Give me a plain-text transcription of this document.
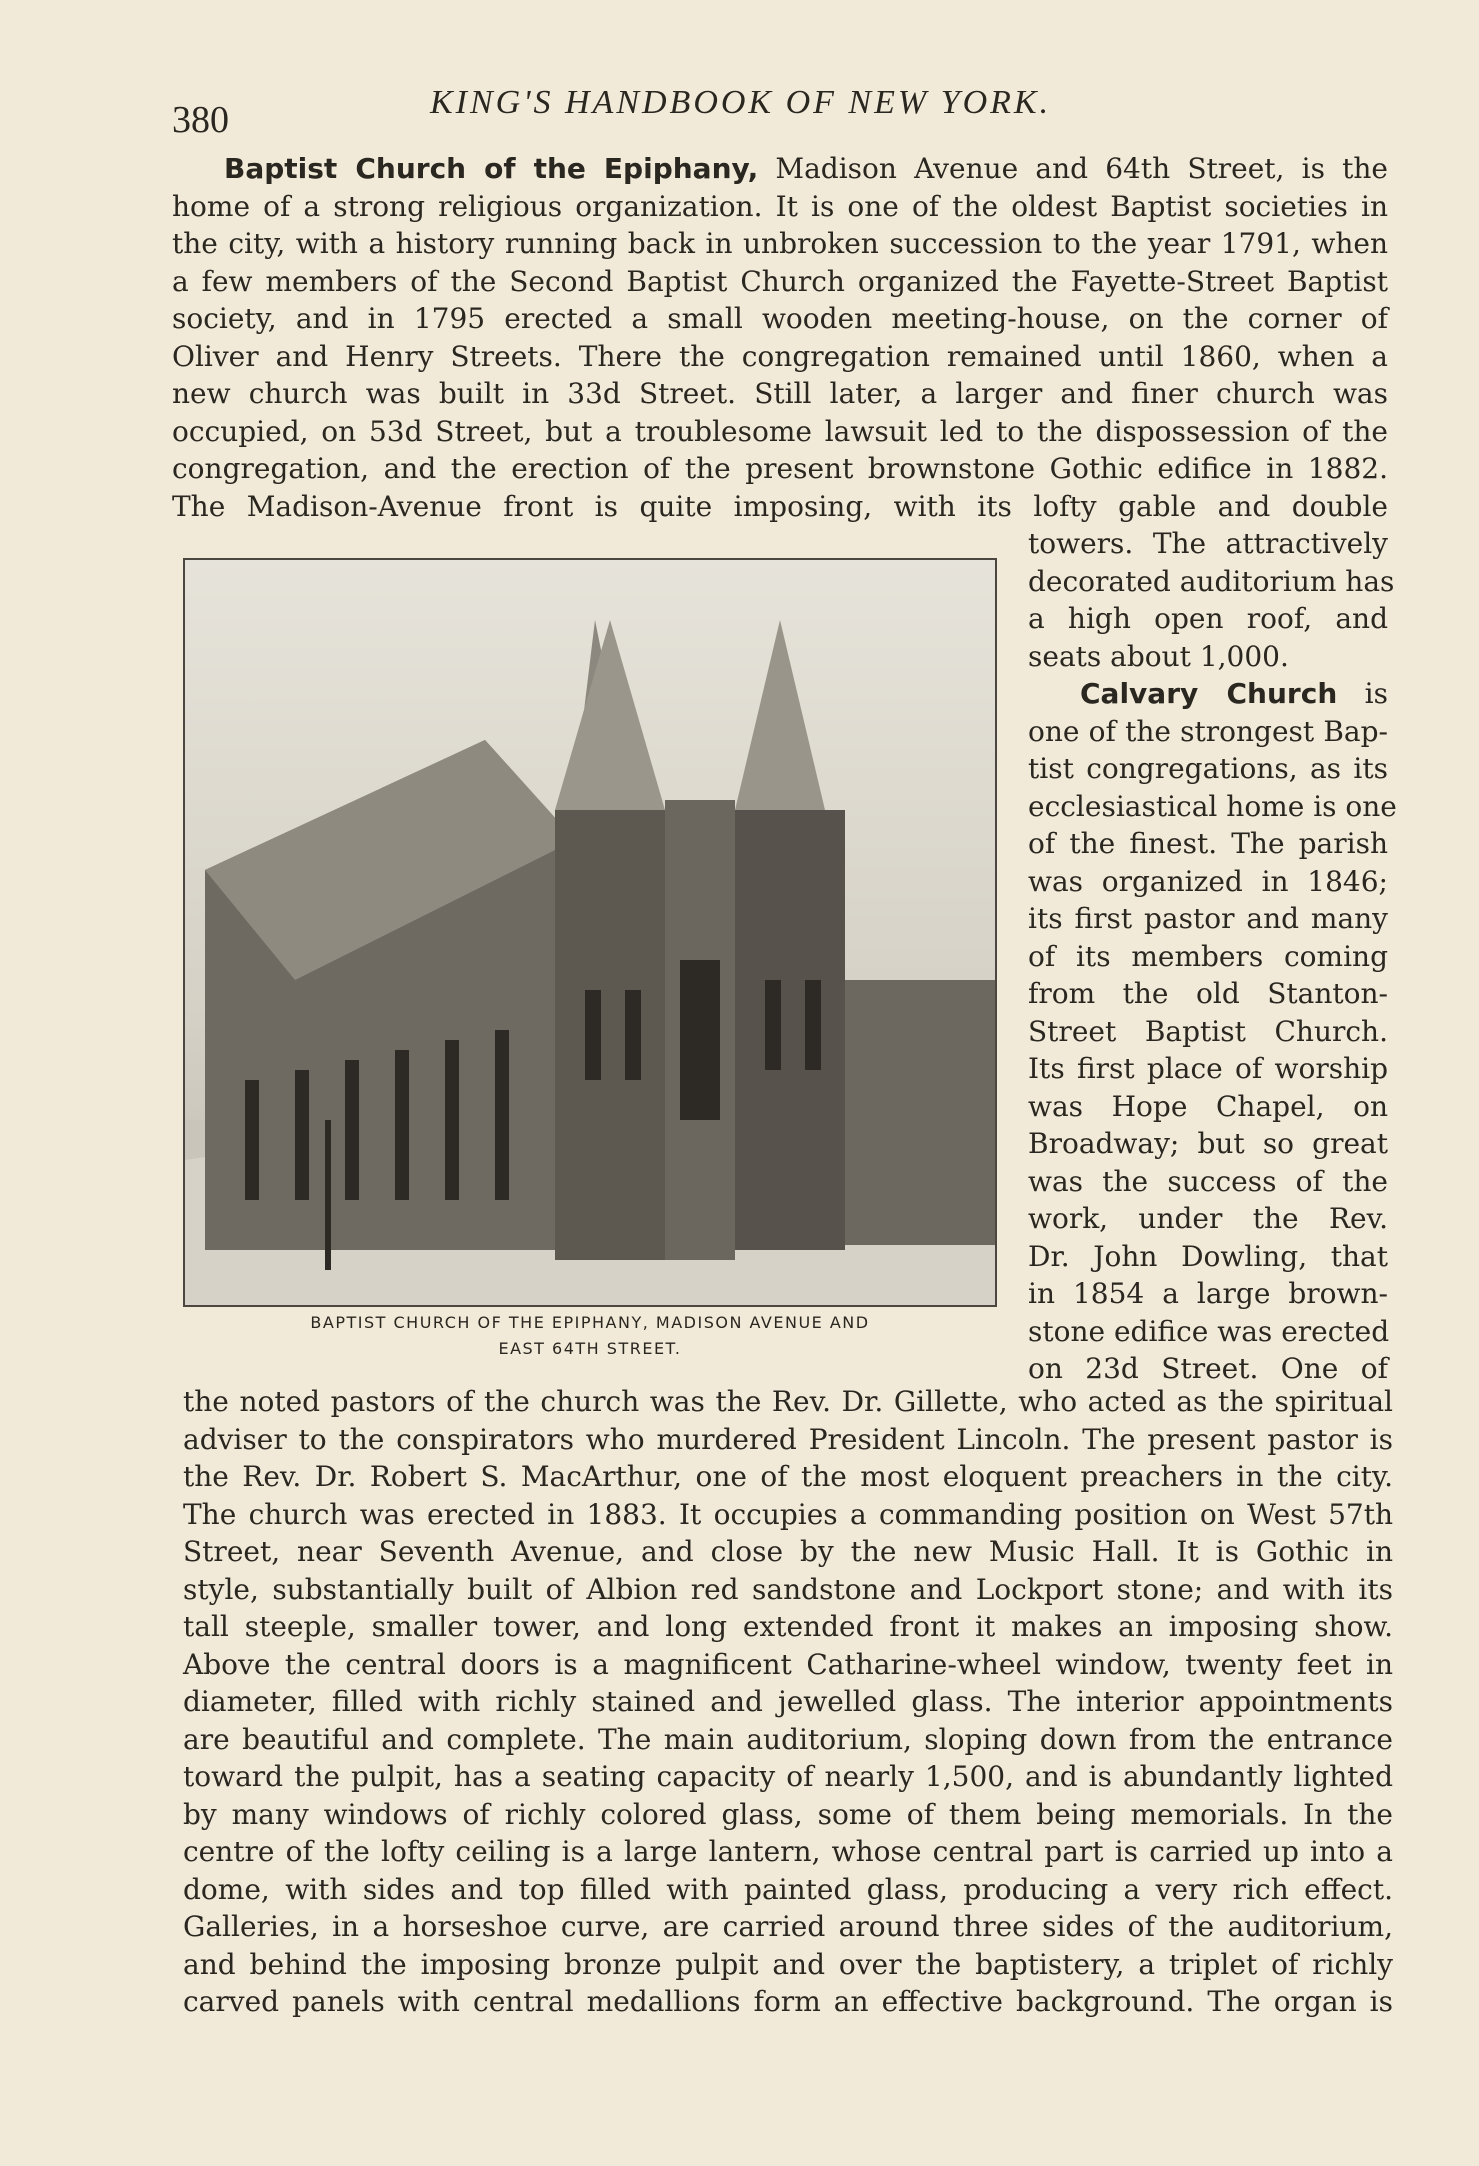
380	KING'S HANDBOOK OF NEW YORK.
Baptist Church of the Epiphany, Madison Avenue and 64th Street, is the
home of a strong religious organization. It is one of the oldest Baptist societies in
the city, with a history running back in unbroken succession to the year 1791, when
a few members of the Second Baptist Church organized the Fayette-Street Baptist
society, and in 1795 erected a small wooden meeting-house, on the corner of
Oliver and Henry Streets. There the congregation remained until 1860, when a
new church was built in 33d Street. Still later, a larger and finer church was
occupied, on 53d Street, but a troublesome lawsuit led to the dispossession of the
congregation, and the erection of the present brownstone Gothic edifice in 1882.
The Madison-Avenue front is quite imposing, with its lofty gable and double
towers. The attractively
decorated auditorium has
a high open roof, and
seats about 1,000.
Calvary Church is
one of the strongest Bap-
tist congregations, as its
ecclesiastical home is one
of the finest. The parish
was organized in 1846;
its first pastor and many
of its members coming
from the old Stanton-
Street Baptist Church.
Its first place of worship
was Hope Chapel, on
Broadway; but so great
was the success of the
work, under the Rev.
Dr. John Dowling, that
in 1854 a large brown-
stone edifice was erected
on 23d Street. One of
BAPTIST CHURCH OF THE EPIPHANY, MADISON AVENUE AND
EAST 64TH STREET.
the noted pastors of the church was the Rev. Dr. Gillette, who acted as the spiritual
adviser to the conspirators who murdered President Lincoln. The present pastor is
the Rev. Dr. Robert S. MacArthur, one of the most eloquent preachers in the city.
The church was erected in 1883. It occupies a commanding position on West 57th
Street, near Seventh Avenue, and close by the new Music Hall. It is Gothic in
style, substantially built of Albion red sandstone and Lockport stone; and with its
tall steeple, smaller tower, and long extended front it makes an imposing show.
Above the central doors is a magnificent Catharine-wheel window, twenty feet in
diameter, filled with richly stained and jewelled glass. The interior appointments
are beautiful and complete. The main auditorium, sloping down from the entrance
toward the pulpit, has a seating capacity of nearly 1,500, and is abundantly lighted
by many windows of richly colored glass, some of them being memorials. In the
centre of the lofty ceiling is a large lantern, whose central part is carried up into a
dome, with sides and top filled with painted glass, producing a very rich effect.
Galleries, in a horseshoe curve, are carried around three sides of the auditorium,
and behind the imposing bronze pulpit and over the baptistery, a triplet of richly
carved panels with central medallions form an effective background. The organ is
